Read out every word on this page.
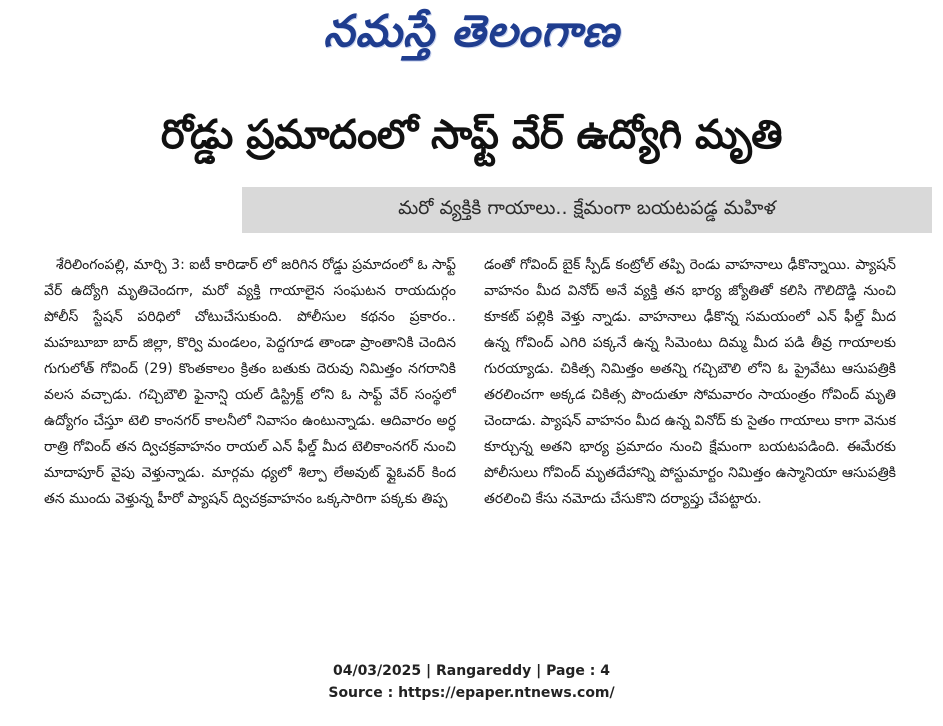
నమస్తే తెలంగాణ
రోడ్డు ప్రమాదంలో సాఫ్ట్ వేర్ ఉద్యోగి మృతి
మరో వ్యక్తికి గాయాలు.. క్షేమంగా బయటపడ్డ మహిళ
శేరిలింగంపల్లి, మార్చి 3: ఐటీ కారిడార్ లో జరిగిన రోడ్డు ప్రమాదంలో ఓ సాఫ్ట్ వేర్ ఉద్యోగి మృతిచెందగా, మరో వ్యక్తి గాయాలైన సంఘటన రాయదుర్గం పోలీస్ స్టేషన్ పరిధిలో చోటుచేసుకుంది. పోలీసుల కథనం ప్రకారం.. మహబూబా బాద్ జిల్లా, కొర్వి మండలం, పెద్దగూడ తాండా ప్రాంతానికి చెందిన గుగులోత్ గోవింద్ (29) కొంతకాలం క్రితం బతుకు దెరువు నిమిత్తం నగరానికి వలస వచ్చాడు. గచ్చిబౌలి ఫైనాన్షి యల్ డిస్ట్రిక్ట్ లోని ఓ సాఫ్ట్ వేర్ సంస్థలో ఉద్యోగం చేస్తూ టెలి కాంనగర్ కాలనీలో నివాసం ఉంటున్నాడు. ఆదివారం అర్ధ రాత్రి గోవింద్ తన ద్విచక్రవాహనం రాయల్ ఎన్ ఫీల్డ్ మీద టెలికాంనగర్ నుంచి మాదాపూర్ వైపు వెళ్తున్నాడు. మార్గమ ధ్యలో శిల్పా లేఅవుట్ ఫ్లైఓవర్ కింద తన ముందు వెళ్తున్న హీరో ప్యాషన్ ద్విచక్రవాహనం ఒక్కసారిగా పక్కకు తిప్ప
డంతో గోవింద్ బైక్ స్పీడ్ కంట్రోల్ తప్పి రెండు వాహనాలు ఢీకొన్నాయి. ప్యాషన్ వాహనం మీద వినోద్ అనే వ్యక్తి తన భార్య జ్యోతితో కలిసి గౌలిదొడ్డి నుంచి కూకట్ పల్లికి వెళ్తు న్నాడు. వాహనాలు ఢీకొన్న సమయంలో ఎన్ ఫీల్డ్ మీద ఉన్న గోవింద్ ఎగిరి పక్కనే ఉన్న సిమెంటు దిమ్మ మీద పడి తీవ్ర గాయాలకు గురయ్యాడు. చికిత్స నిమిత్తం అతన్ని గచ్చిబౌలి లోని ఓ ప్రైవేటు ఆసుపత్రికి తరలించగా అక్కడ చికిత్స పొందుతూ సోమవారం సాయంత్రం గోవింద్ మృతి చెందాడు. ప్యాషన్ వాహనం మీద ఉన్న వినోద్ కు సైతం గాయాలు కాగా వెనుక కూర్చున్న అతని భార్య ప్రమాదం నుంచి క్షేమంగా బయటపడింది. ఈమేరకు పోలీసులు గోవింద్ మృతదేహాన్ని పోస్టుమార్టం నిమిత్తం ఉస్మానియా ఆసుపత్రికి తరలించి కేసు నమోదు చేసుకొని దర్యాప్తు చేపట్టారు.
04/03/2025 | Rangareddy | Page : 4
Source : https://epaper.ntnews.com/
